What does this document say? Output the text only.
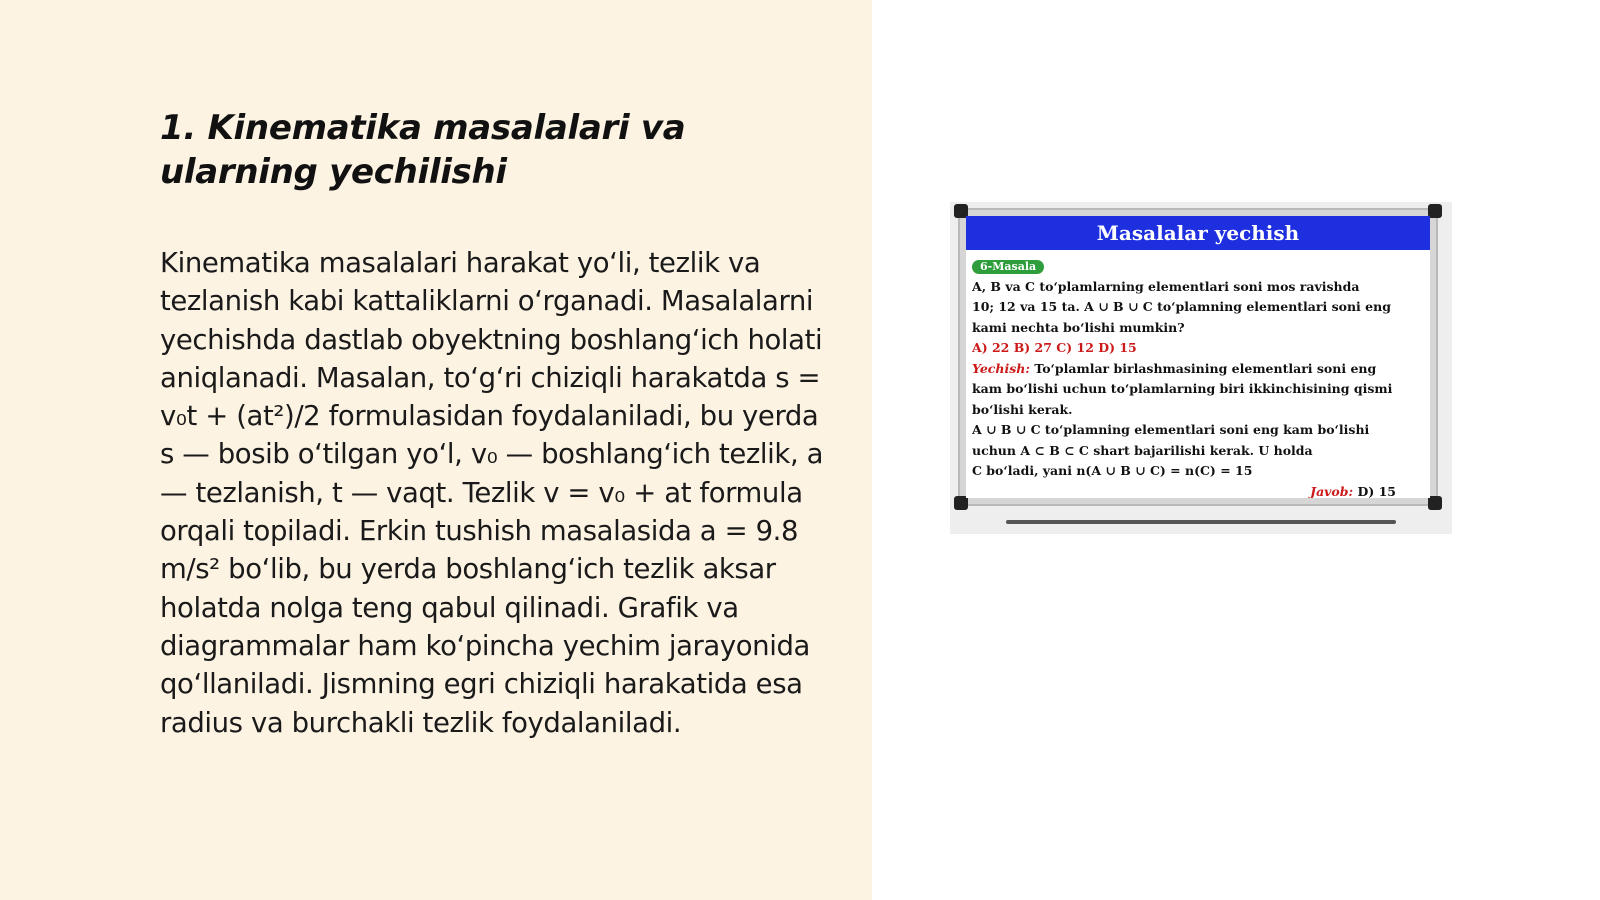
1. Kinematika masalalari va ularning yechilishi

Kinematika masalalari harakat yo‘li, tezlik va tezlanish kabi kattaliklarni o‘rganadi. Masalalarni yechishda dastlab obyektning boshlang‘ich holati aniqlanadi. Masalan, to‘g‘ri chiziqli harakatda s = v₀t + (at²)/2 formulasidan foydalaniladi, bu yerda s — bosib o‘tilgan yo‘l, v₀ — boshlang‘ich tezlik, a — tezlanish, t — vaqt. Tezlik v = v₀ + at formula orqali topiladi. Erkin tushish masalasida a = 9.8 m/s² bo‘lib, bu yerda boshlang‘ich tezlik aksar holatda nolga teng qabul qilinadi. Grafik va diagrammalar ham ko‘pincha yechim jarayonida qo‘llaniladi. Jismning egri chiziqli harakatida esa radius va burchakli tezlik foydalaniladi.

Masalalar yechish
6-Masala
A, B va C to‘plamlarning elementlari soni mos ravishda
10; 12 va 15 ta. A ∪ B ∪ C to‘plamning elementlari soni eng
kami nechta bo‘lishi mumkin?
A) 22 B) 27 C) 12 D) 15
Yechish: To‘plamlar birlashmasining elementlari soni eng
kam bo‘lishi uchun to‘plamlarning biri ikkinchisining qismi
bo‘lishi kerak.
A ∪ B ∪ C to‘plamning elementlari soni eng kam bo‘lishi
uchun A ⊂ B ⊂ C shart bajarilishi kerak. U holda
C bo‘ladi, yani n(A ∪ B ∪ C) = n(C) = 15
Javob: D) 15
